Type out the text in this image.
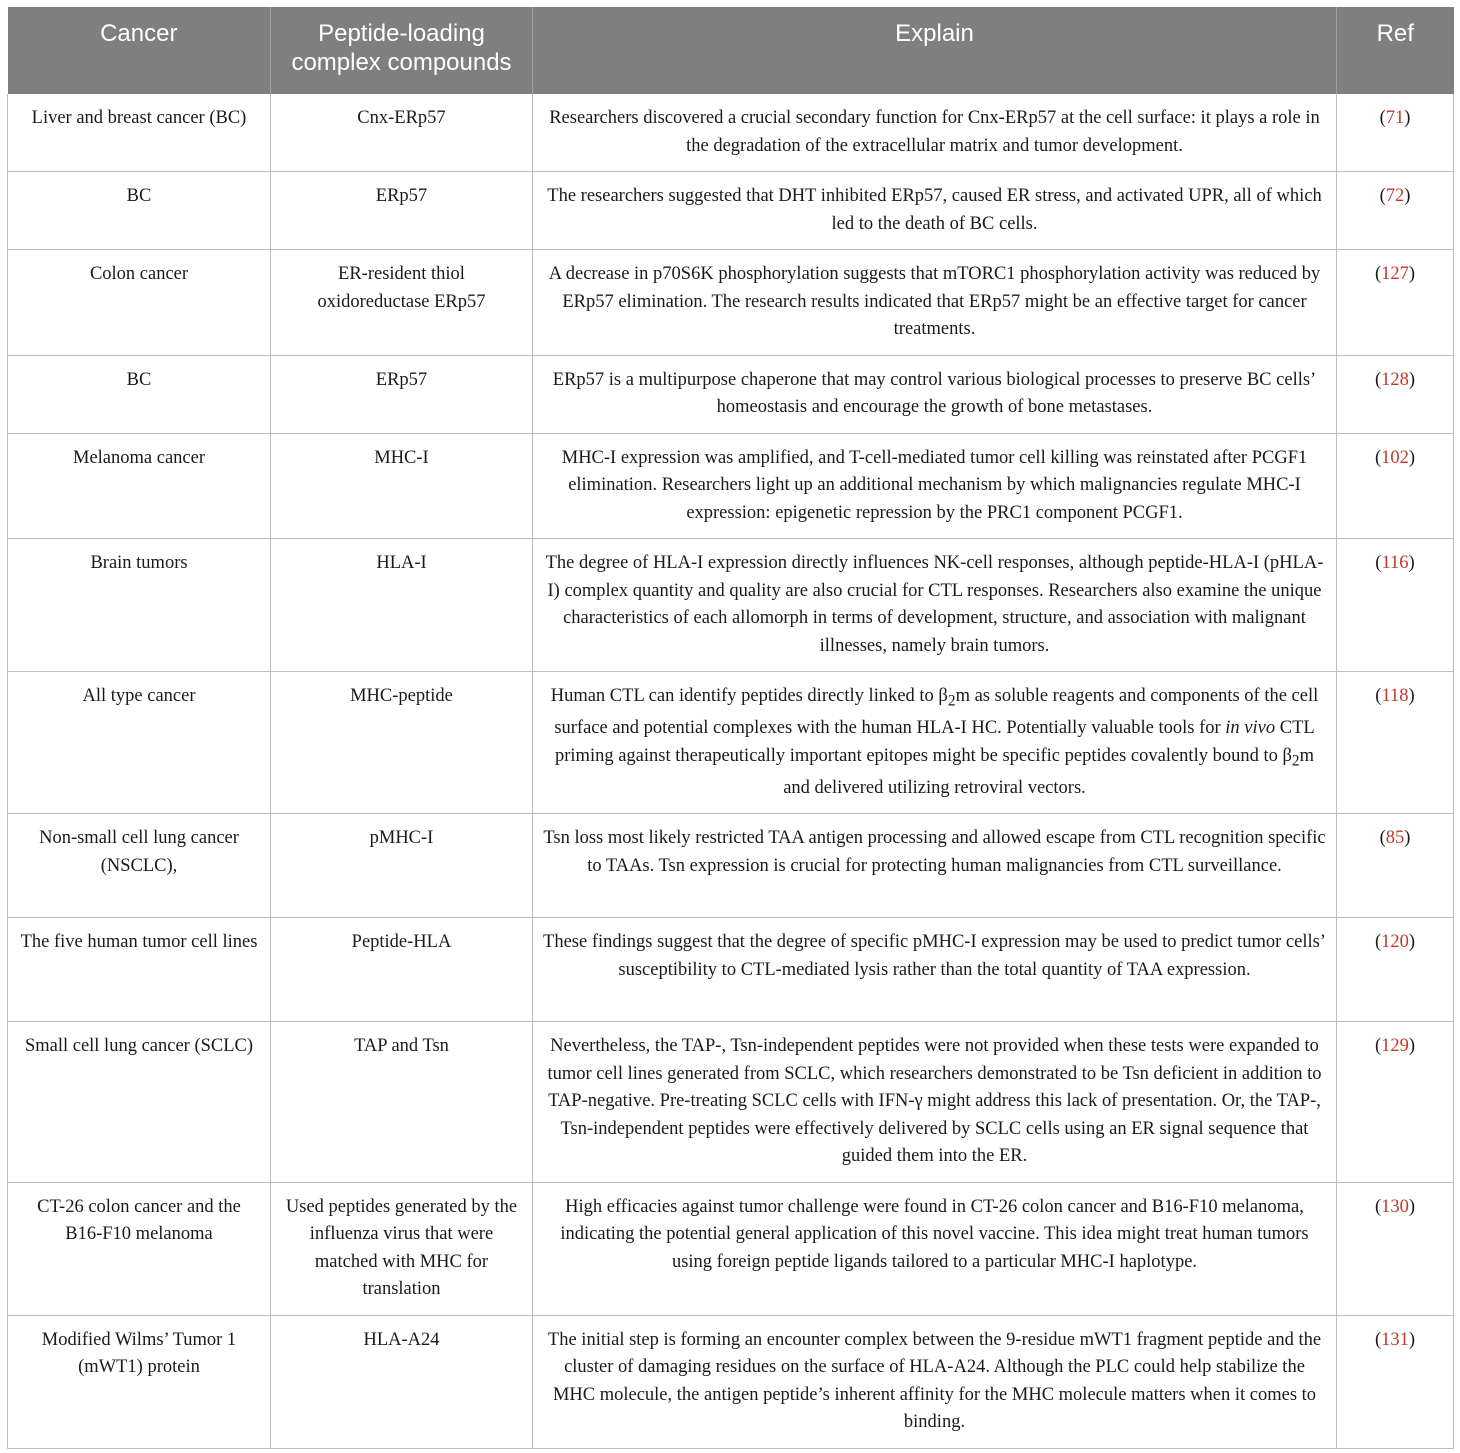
Cancer	Peptide-loading complex compounds	Explain	Ref
Liver and breast cancer (BC)	Cnx-ERp57	Researchers discovered a crucial secondary function for Cnx-ERp57 at the cell surface: it plays a role in the degradation of the extracellular matrix and tumor development.	(71)
BC	ERp57	The researchers suggested that DHT inhibited ERp57, caused ER stress, and activated UPR, all of which led to the death of BC cells.	(72)
Colon cancer	ER-resident thiol oxidoreductase ERp57	A decrease in p70S6K phosphorylation suggests that mTORC1 phosphorylation activity was reduced by ERp57 elimination. The research results indicated that ERp57 might be an effective target for cancer treatments.	(127)
BC	ERp57	ERp57 is a multipurpose chaperone that may control various biological processes to preserve BC cells’ homeostasis and encourage the growth of bone metastases.	(128)
Melanoma cancer	MHC-I	MHC-I expression was amplified, and T-cell-mediated tumor cell killing was reinstated after PCGF1 elimination. Researchers light up an additional mechanism by which malignancies regulate MHC-I expression: epigenetic repression by the PRC1 component PCGF1.	(102)
Brain tumors	HLA-I	The degree of HLA-I expression directly influences NK-cell responses, although peptide-HLA-I (pHLA-I) complex quantity and quality are also crucial for CTL responses. Researchers also examine the unique characteristics of each allomorph in terms of development, structure, and association with malignant illnesses, namely brain tumors.	(116)
All type cancer	MHC-peptide	Human CTL can identify peptides directly linked to $\beta_2m$ as soluble reagents and components of the cell surface and potential complexes with the human HLA-I HC. Potentially valuable tools for in vivo CTL priming against therapeutically important epitopes might be specific peptides covalently bound to $\beta_2m$ and delivered utilizing retroviral vectors.	(118)
Non-small cell lung cancer (NSCLC),	pMHC-I	Tsn loss most likely restricted TAA antigen processing and allowed escape from CTL recognition specific to TAAs. Tsn expression is crucial for protecting human malignancies from CTL surveillance.	(85)
The five human tumor cell lines	Peptide-HLA	These findings suggest that the degree of specific pMHC-I expression may be used to predict tumor cells’ susceptibility to CTL-mediated lysis rather than the total quantity of TAA expression.	(120)
Small cell lung cancer (SCLC)	TAP and Tsn	Nevertheless, the TAP-, Tsn-independent peptides were not provided when these tests were expanded to tumor cell lines generated from SCLC, which researchers demonstrated to be Tsn deficient in addition to TAP-negative. Pre-treating SCLC cells with IFN-γ might address this lack of presentation. Or, the TAP-, Tsn-independent peptides were effectively delivered by SCLC cells using an ER signal sequence that guided them into the ER.	(129)
CT-26 colon cancer and the B16-F10 melanoma	Used peptides generated by the influenza virus that were matched with MHC for translation	High efficacies against tumor challenge were found in CT-26 colon cancer and B16-F10 melanoma, indicating the potential general application of this novel vaccine. This idea might treat human tumors using foreign peptide ligands tailored to a particular MHC-I haplotype.	(130)
Modified Wilms’ Tumor 1 (mWT1) protein	HLA-A24	The initial step is forming an encounter complex between the 9-residue mWT1 fragment peptide and the cluster of damaging residues on the surface of HLA-A24. Although the PLC could help stabilize the MHC molecule, the antigen peptide’s inherent affinity for the MHC molecule matters when it comes to binding.	(131)
